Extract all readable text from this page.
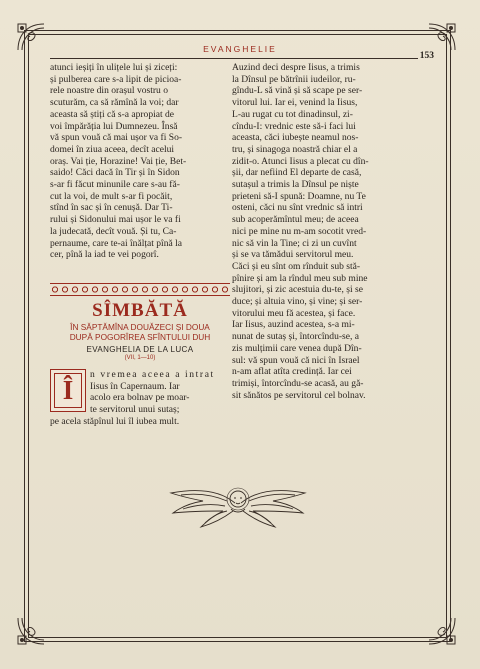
EVANGHELIE
153

atunci ieșiți în ulițele lui și ziceți:

și pulberea care s-a lipit de picioa-

rele noastre din orașul vostru o

scuturăm, ca să rămînă la voi; dar

aceasta să știți că s-a apropiat de

voi împărăția lui Dumnezeu. Însă

vă spun vouă că mai ușor va fi So-

domei în ziua aceea, decît acelui

oraș. Vai ție, Horazine! Vai ție, Bet-

saido! Căci dacă în Tir și în Sidon

s-ar fi făcut minunile care s-au fă-

cut la voi, de mult s-ar fi pocăit,

stînd în sac și în cenușă. Dar Ti-

rului și Sidonului mai ușor le va fi

la judecată, decît vouă. Și tu, Ca-

pernaume, care te-ai înălțat pînă la

cer, pînă la iad te vei pogorî.

SÎMBĂTĂ
ÎN SĂPTĂMÎNA DOUĂZECI ȘI DOUA
DUPĂ POGORÎREA SFÎNTULUI DUH
EVANGHELIA DE LA LUCA
(VII, 1—10)
n vremea aceea a intrat
Iisus în Capernaum. Iar
acolo era bolnav pe moar-
te servitorul unui sutaș;
pe acela stăpînul lui îl iubea mult.
Î

Auzind deci despre Iisus, a trimis

la Dînsul pe bătrînii iudeilor, ru-

gîndu-L să vină și să scape pe ser-

vitorul lui. Iar ei, venind la Iisus,

L-au rugat cu tot dinadinsul, zi-

cîndu-I: vrednic este să-i faci lui

aceasta, căci iubește neamul nos-

tru, și sinagoga noastră chiar el a

zidit-o. Atunci Iisus a plecat cu dîn-

șii, dar nefiind El departe de casă,

sutașul a trimis la Dînsul pe niște

prieteni să-I spună: Doamne, nu Te

osteni, căci nu sînt vrednic să intri

sub acoperămîntul meu; de aceea

nici pe mine nu m-am socotit vred-

nic să vin la Tine; ci zi un cuvînt

și se va tămădui servitorul meu.

Căci și eu sînt om rînduit sub stă-

pînire și am la rîndul meu sub mine

slujitori, și zic acestuia du-te, și se

duce; și altuia vino, și vine; și ser-

vitorului meu fă acestea, și face.

Iar Iisus, auzind acestea, s-a mi-

nunat de sutaș și, întorcîndu-se, a

zis mulțimii care venea după Dîn-

sul: vă spun vouă că nici în Israel

n-am aflat atîta credință. Iar cei

trimiși, întorcîndu-se acasă, au gă-

sit sănătos pe servitorul cel bolnav.
